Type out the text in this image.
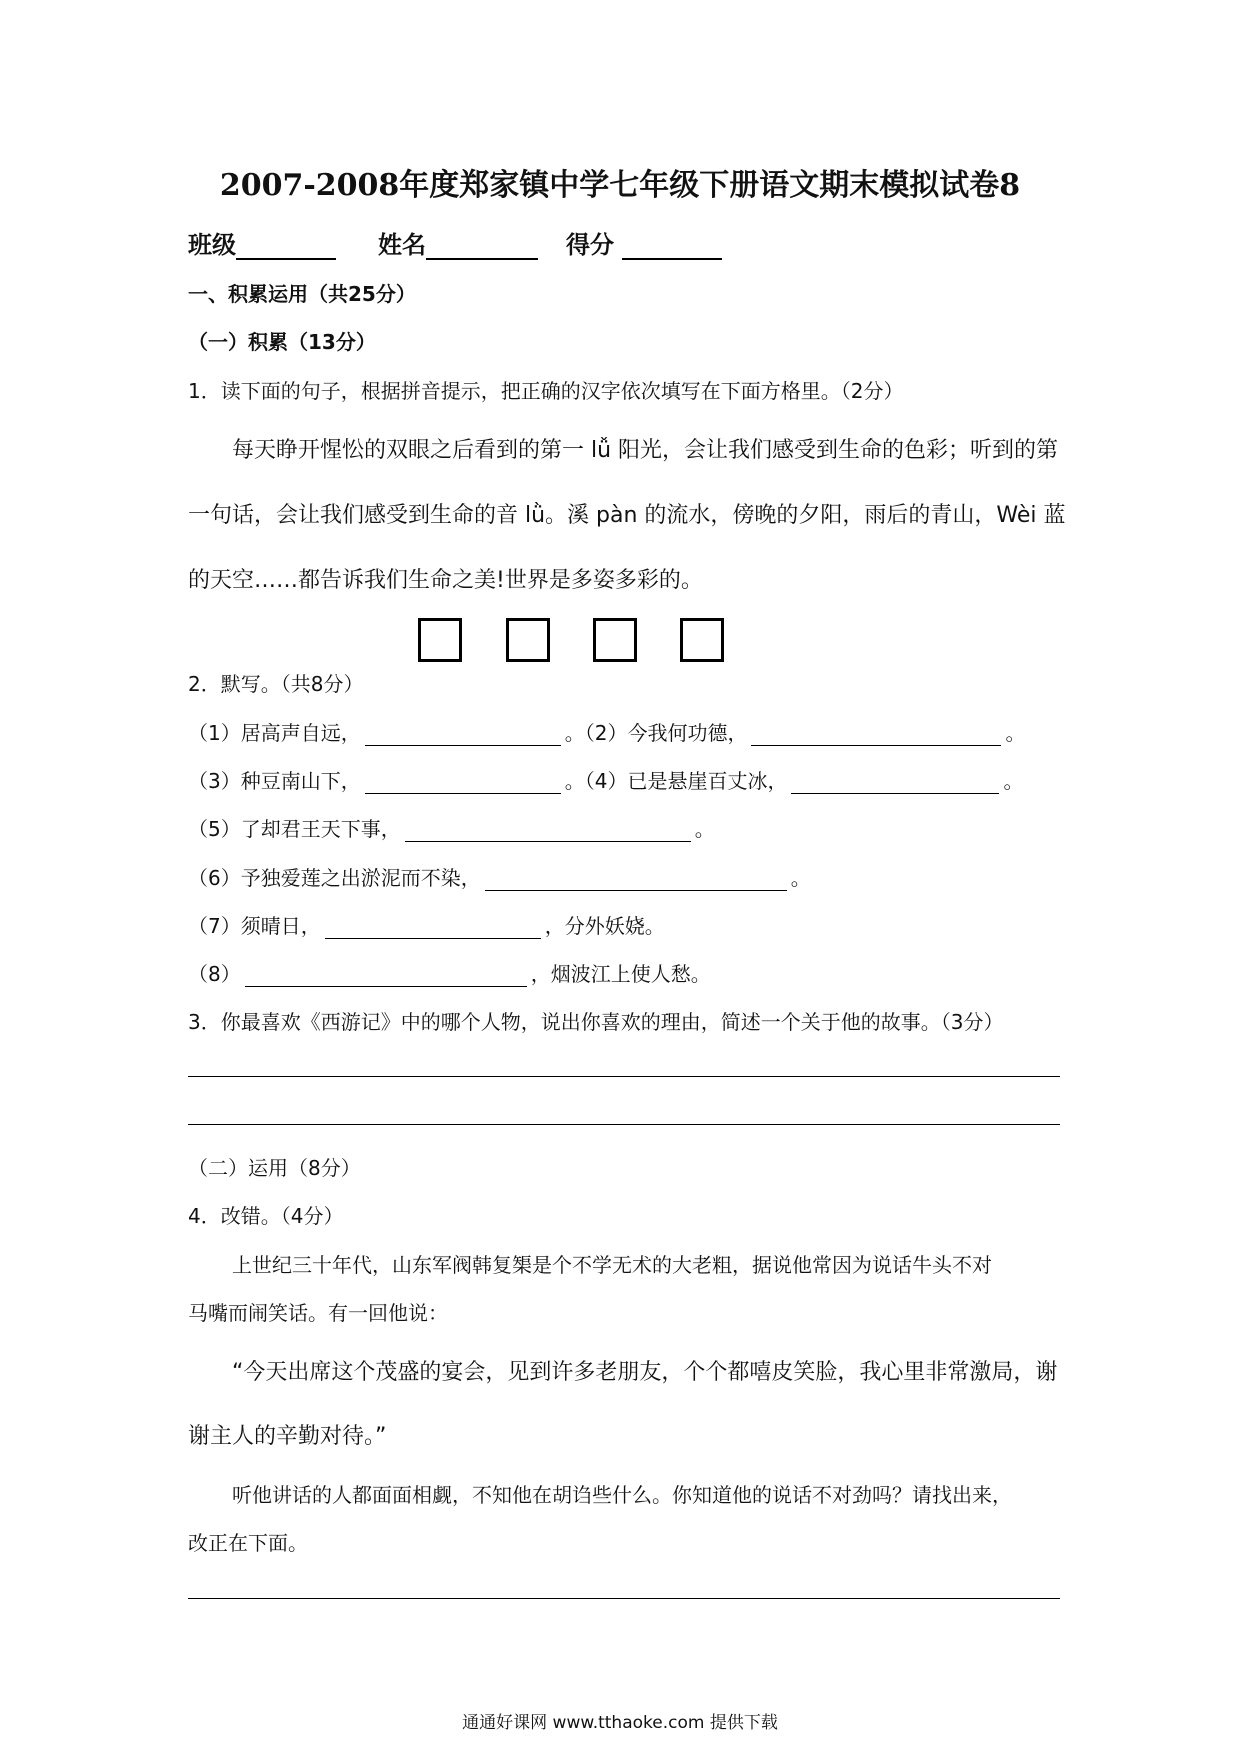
2007-2008年度郑家镇中学七年级下册语文期末模拟试卷8
班级	姓名	得分
一、积累运用（共25分）
（一）积累（13分）
1．读下面的句子，根据拼音提示，把正确的汉字依次填写在下面方格里。（2分）
每天睁开惺忪的双眼之后看到的第一 lǚ 阳光，会让我们感受到生命的色彩；听到的第
一句话，会让我们感受到生命的音 lǜ。溪 pàn 的流水，傍晚的夕阳，雨后的青山，Wèi 蓝
的天空……都告诉我们生命之美!世界是多姿多彩的。
2．默写。（共8分）
（1）居高声自远，	。（2）今我何功德，	。
（3）种豆南山下，	。（4）已是悬崖百丈冰，	。
（5）了却君王天下事，	。
（6）予独爱莲之出淤泥而不染，	。
（7）须晴日，	，分外妖娆。
（8）	，烟波江上使人愁。
3．你最喜欢《西游记》中的哪个人物，说出你喜欢的理由，简述一个关于他的故事。（3分）
（二）运用（8分）
4．改错。（4分）
上世纪三十年代，山东军阀韩复榘是个不学无术的大老粗，据说他常因为说话牛头不对
马嘴而闹笑话。有一回他说：
“今天出席这个茂盛的宴会，见到许多老朋友，个个都嘻皮笑脸，我心里非常激局，谢
谢主人的辛勤对待。”
听他讲话的人都面面相觑，不知他在胡诌些什么。你知道他的说话不对劲吗？请找出来，
改正在下面。
通通好课网 www.tthaoke.com 提供下载
